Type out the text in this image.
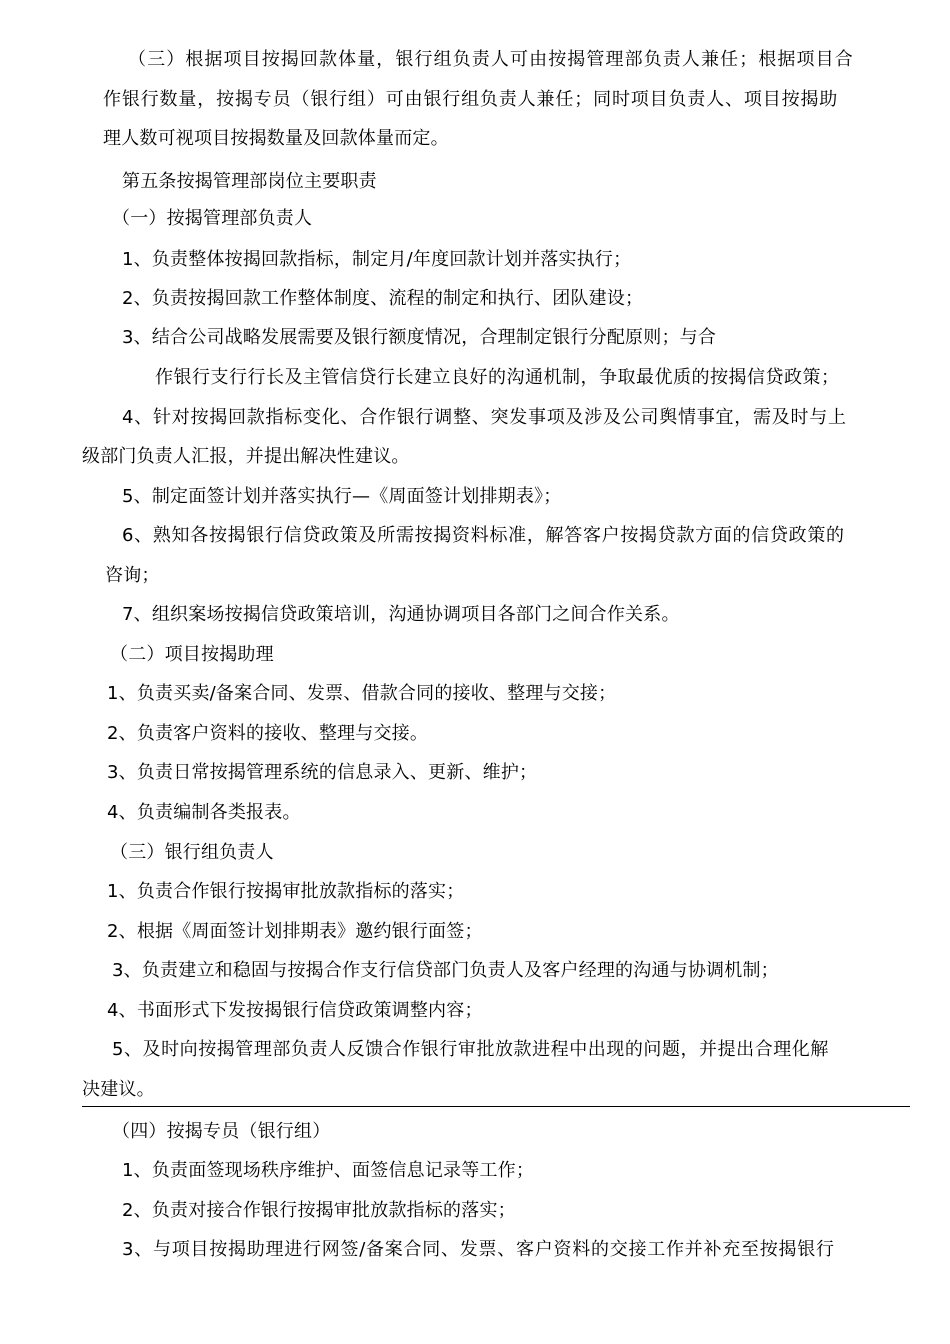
（三）根据项目按揭回款体量，银行组负责人可由按揭管理部负责人兼任；根据项目合
作银行数量，按揭专员（银行组）可由银行组负责人兼任；同时项目负责人、项目按揭助
理人数可视项目按揭数量及回款体量而定。
第五条按揭管理部岗位主要职责
（一）按揭管理部负责人
1、负责整体按揭回款指标，制定月/年度回款计划并落实执行；
2、负责按揭回款工作整体制度、流程的制定和执行、团队建设；
3、结合公司战略发展需要及银行额度情况，合理制定银行分配原则；与合
作银行支行行长及主管信贷行长建立良好的沟通机制，争取最优质的按揭信贷政策；
4、针对按揭回款指标变化、合作银行调整、突发事项及涉及公司舆情事宜，需及时与上
级部门负责人汇报，并提出解决性建议。
5、制定面签计划并落实执行—《周面签计划排期表》；
6、熟知各按揭银行信贷政策及所需按揭资料标准，解答客户按揭贷款方面的信贷政策的
咨询；
7、组织案场按揭信贷政策培训，沟通协调项目各部门之间合作关系。
（二）项目按揭助理
1、负责买卖/备案合同、发票、借款合同的接收、整理与交接；
2、负责客户资料的接收、整理与交接。
3、负责日常按揭管理系统的信息录入、更新、维护；
4、负责编制各类报表。
（三）银行组负责人
1、负责合作银行按揭审批放款指标的落实；
2、根据《周面签计划排期表》邀约银行面签；
3、负责建立和稳固与按揭合作支行信贷部门负责人及客户经理的沟通与协调机制；
4、书面形式下发按揭银行信贷政策调整内容；
5、及时向按揭管理部负责人反馈合作银行审批放款进程中出现的问题，并提出合理化解
决建议。
（四）按揭专员（银行组）
1、负责面签现场秩序维护、面签信息记录等工作；
2、负责对接合作银行按揭审批放款指标的落实；
3、与项目按揭助理进行网签/备案合同、发票、客户资料的交接工作并补充至按揭银行
